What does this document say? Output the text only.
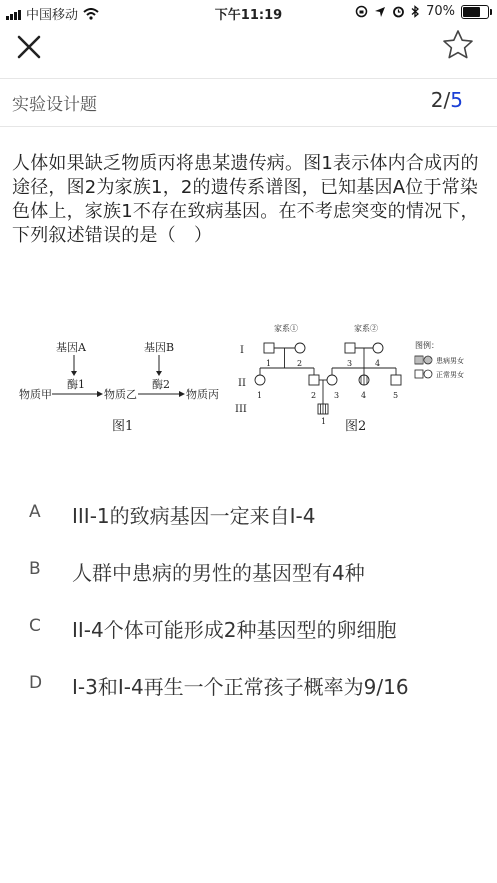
中国移动	下午11:19	70%
实验设计题	2/5
人体如果缺乏物质丙将患某遗传病。图1表示体内合成丙的途径，图2为家族1，2的遗传系谱图，已知基因A位于常染色体上，家族1不存在致病基因。在不考虑突变的情况下，下列叙述错误的是（　）
基因A
酶1
基因B
酶2
物质甲	物质乙	物质丙
图1
家系①	家系②
I
II
III
1	2	3	4
1	2 3	4	5
1
图例：
患病男女
正常男女
图2
A III-1的致病基因一定来自I-4
B 人群中患病的男性的基因型有4种
C II-4个体可能形成2种基因型的卵细胞
D I-3和I-4再生一个正常孩子概率为9/16
